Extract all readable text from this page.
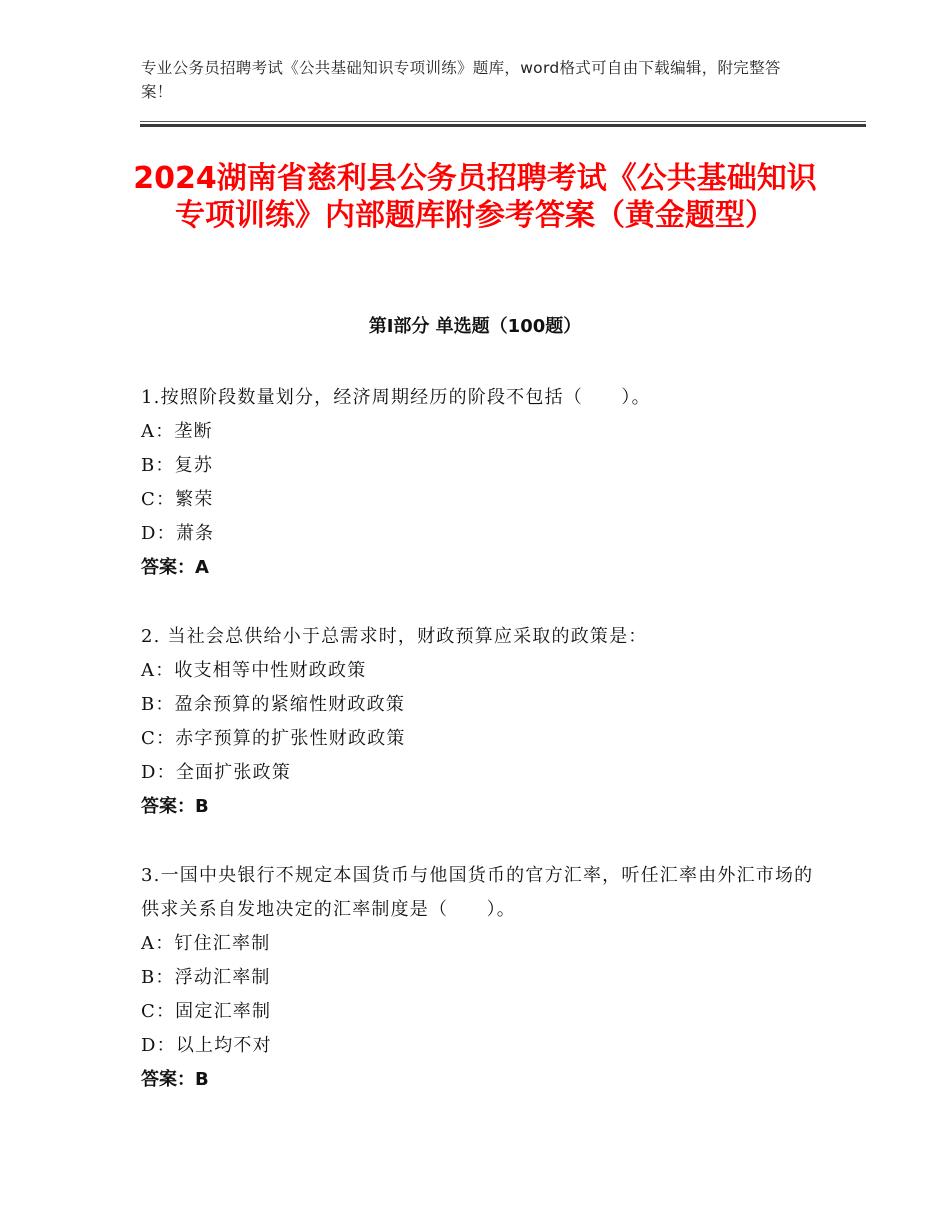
专业公务员招聘考试《公共基础知识专项训练》题库，word格式可自由下载编辑，附完整答案！
2024湖南省慈利县公务员招聘考试《公共基础知识专项训练》内部题库附参考答案（黄金题型）
第Ⅰ部分 单选题（100题）

1.按照阶段数量划分，经济周期经历的阶段不包括（　　）。

A：垄断

B：复苏

C：繁荣

D：萧条

答案：A

2. 当社会总供给小于总需求时，财政预算应采取的政策是：

A：收支相等中性财政政策

B：盈余预算的紧缩性财政政策

C：赤字预算的扩张性财政政策

D：全面扩张政策

答案：B

3.一国中央银行不规定本国货币与他国货币的官方汇率，听任汇率由外汇市场的供求关系自发地决定的汇率制度是（　　）。

A：钉住汇率制

B：浮动汇率制

C：固定汇率制

D：以上均不对

答案：B
